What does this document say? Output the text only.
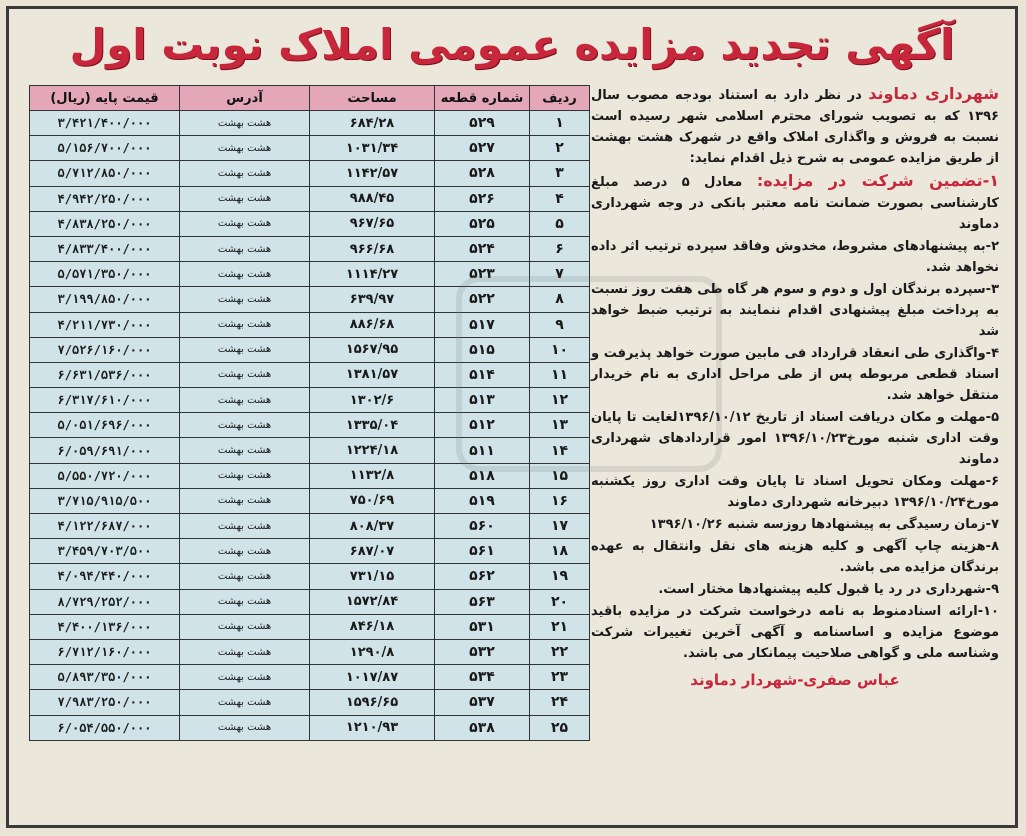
آگهی تجدید مزایده عمومی املاک نوبت اول
ردیف	شماره قطعه	مساحت	آدرس	قیمت پایه (ریال)
۱	۵۲۹	۶۸۴/۲۸	هشت بهشت	۳/۴۲۱/۴۰۰/۰۰۰
۲	۵۲۷	۱۰۳۱/۳۴	هشت بهشت	۵/۱۵۶/۷۰۰/۰۰۰
۳	۵۲۸	۱۱۴۲/۵۷	هشت بهشت	۵/۷۱۲/۸۵۰/۰۰۰
۴	۵۲۶	۹۸۸/۴۵	هشت بهشت	۴/۹۴۲/۲۵۰/۰۰۰
۵	۵۲۵	۹۶۷/۶۵	هشت بهشت	۴/۸۳۸/۲۵۰/۰۰۰
۶	۵۲۴	۹۶۶/۶۸	هشت بهشت	۴/۸۳۳/۴۰۰/۰۰۰
۷	۵۲۳	۱۱۱۴/۲۷	هشت بهشت	۵/۵۷۱/۳۵۰/۰۰۰
۸	۵۲۲	۶۳۹/۹۷	هشت بهشت	۳/۱۹۹/۸۵۰/۰۰۰
۹	۵۱۷	۸۸۶/۶۸	هشت بهشت	۴/۲۱۱/۷۳۰/۰۰۰
۱۰	۵۱۵	۱۵۶۷/۹۵	هشت بهشت	۷/۵۲۶/۱۶۰/۰۰۰
۱۱	۵۱۴	۱۳۸۱/۵۷	هشت بهشت	۶/۶۳۱/۵۳۶/۰۰۰
۱۲	۵۱۳	۱۳۰۲/۶	هشت بهشت	۶/۳۱۷/۶۱۰/۰۰۰
۱۳	۵۱۲	۱۳۳۵/۰۴	هشت بهشت	۵/۰۵۱/۶۹۶/۰۰۰
۱۴	۵۱۱	۱۲۲۴/۱۸	هشت بهشت	۶/۰۵۹/۶۹۱/۰۰۰
۱۵	۵۱۸	۱۱۳۲/۸	هشت بهشت	۵/۵۵۰/۷۲۰/۰۰۰
۱۶	۵۱۹	۷۵۰/۶۹	هشت بهشت	۳/۷۱۵/۹۱۵/۵۰۰
۱۷	۵۶۰	۸۰۸/۳۷	هشت بهشت	۴/۱۲۲/۶۸۷/۰۰۰
۱۸	۵۶۱	۶۸۷/۰۷	هشت بهشت	۳/۴۵۹/۷۰۳/۵۰۰
۱۹	۵۶۲	۷۳۱/۱۵	هشت بهشت	۴/۰۹۴/۴۴۰/۰۰۰
۲۰	۵۶۳	۱۵۷۲/۸۴	هشت بهشت	۸/۷۲۹/۲۵۲/۰۰۰
۲۱	۵۳۱	۸۴۶/۱۸	هشت بهشت	۴/۴۰۰/۱۳۶/۰۰۰
۲۲	۵۳۲	۱۲۹۰/۸	هشت بهشت	۶/۷۱۲/۱۶۰/۰۰۰
۲۳	۵۳۴	۱۰۱۷/۸۷	هشت بهشت	۵/۸۹۳/۳۵۰/۰۰۰
۲۴	۵۳۷	۱۵۹۶/۶۵	هشت بهشت	۷/۹۸۳/۲۵۰/۰۰۰
۲۵	۵۳۸	۱۲۱۰/۹۳	هشت بهشت	۶/۰۵۴/۵۵۰/۰۰۰

شهرداری دماوند در نظر دارد به استناد بودجه مصوب سال ۱۳۹۶ که به تصویب شورای محترم اسلامی شهر رسیده است نسبت به فروش و واگذاری املاک واقع در شهرک هشت بهشت از طریق مزایده عمومی به شرح ذیل اقدام نماید:

۱-تضمین شرکت در مزایده: معادل ۵ درصد مبلغ کارشناسی بصورت ضمانت نامه معتبر بانکی در وجه شهرداری دماوند

۲-به پیشنهادهای مشروط، مخدوش وفاقد سپرده ترتیب اثر داده نخواهد شد.

۳-سپرده برندگان اول و دوم و سوم هر گاه طی هفت روز نسبت به پرداخت مبلغ پیشنهادی اقدام ننمایند به ترتیب ضبط خواهد شد

۴-واگذاری طی انعقاد قرارداد فی مابین صورت خواهد پذیرفت و اسناد قطعی مربوطه پس از طی مراحل اداری به نام خریدار منتقل خواهد شد.

۵-مهلت و مکان دریافت اسناد از تاریخ ۱۳۹۶/۱۰/۱۲لغایت تا پایان وقت اداری شنبه مورخ۱۳۹۶/۱۰/۲۳ امور قراردادهای شهرداری دماوند

۶-مهلت ومکان تحویل اسناد تا پایان وقت اداری روز یکشنبه مورخ۱۳۹۶/۱۰/۲۴ دبیرخانه شهرداری دماوند

۷-زمان رسیدگی به پیشنهادها روزسه شنبه ۱۳۹۶/۱۰/۲۶

۸-هزینه چاپ آگهی و کلیه هزینه های نقل وانتقال به عهده برندگان مزایده می باشد.

۹-شهرداری در رد یا قبول کلیه پیشنهادها مختار است.

۱۰-ارائه اسنادمنوط به نامه درخواست شرکت در مزایده باقید موضوع مزایده و اساسنامه و آگهی آخرین تغییرات شرکت وشناسه ملی و گواهی صلاحیت پیمانکار می باشد.

عباس صفری-شهردار دماوند
